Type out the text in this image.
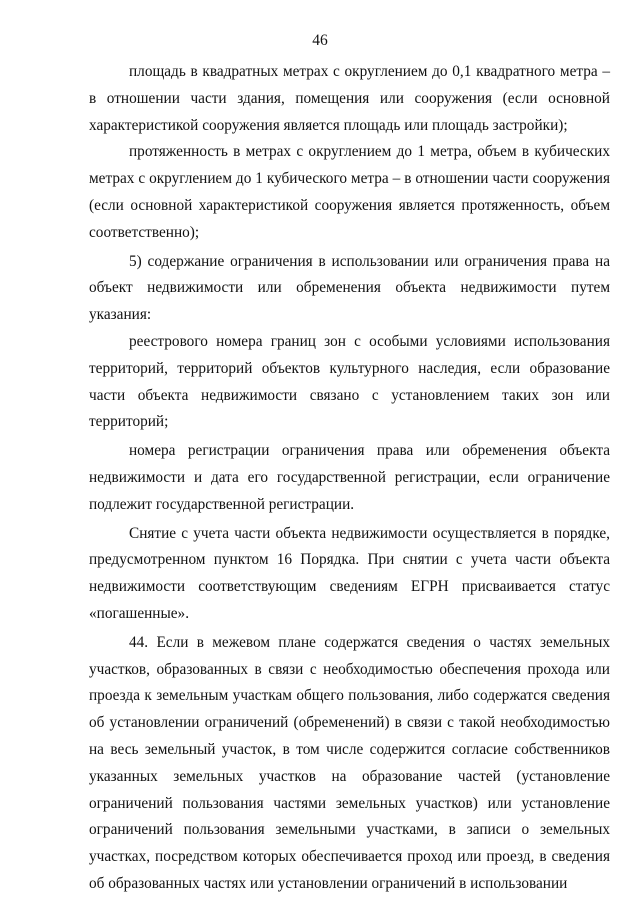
46

площадь в квадратных метрах с округлением до 0,1 квадратного метра – в отношении части здания, помещения или сооружения (если основной характеристикой сооружения является площадь или площадь застройки);

протяженность в метрах с округлением до 1 метра, объем в кубических метрах с округлением до 1 кубического метра – в отношении части сооружения (если основной характеристикой сооружения является протяженность, объем соответственно);

5) содержание ограничения в использовании или ограничения права на объект недвижимости или обременения объекта недвижимости путем указания:

реестрового номера границ зон с особыми условиями использования территорий, территорий объектов культурного наследия, если образование части объекта недвижимости связано с установлением таких зон или территорий;

номера регистрации ограничения права или обременения объекта недвижимости и дата его государственной регистрации, если ограничение подлежит государственной регистрации.

Снятие с учета части объекта недвижимости осуществляется в порядке, предусмотренном пунктом 16 Порядка. При снятии с учета части объекта недвижимости соответствующим сведениям ЕГРН присваивается статус «погашенные».

44. Если в межевом плане содержатся сведения о частях земельных участков, образованных в связи с необходимостью обеспечения прохода или проезда к земельным участкам общего пользования, либо содержатся сведения об установлении ограничений (обременений) в связи с такой необходимостью на весь земельный участок, в том числе содержится согласие собственников указанных земельных участков на образование частей (установление ограничений пользования частями земельных участков) или установление ограничений пользования земельными участками, в записи о земельных участках, посредством которых обеспечивается проход или проезд, в сведения об образованных частях или установлении ограничений в использовании
